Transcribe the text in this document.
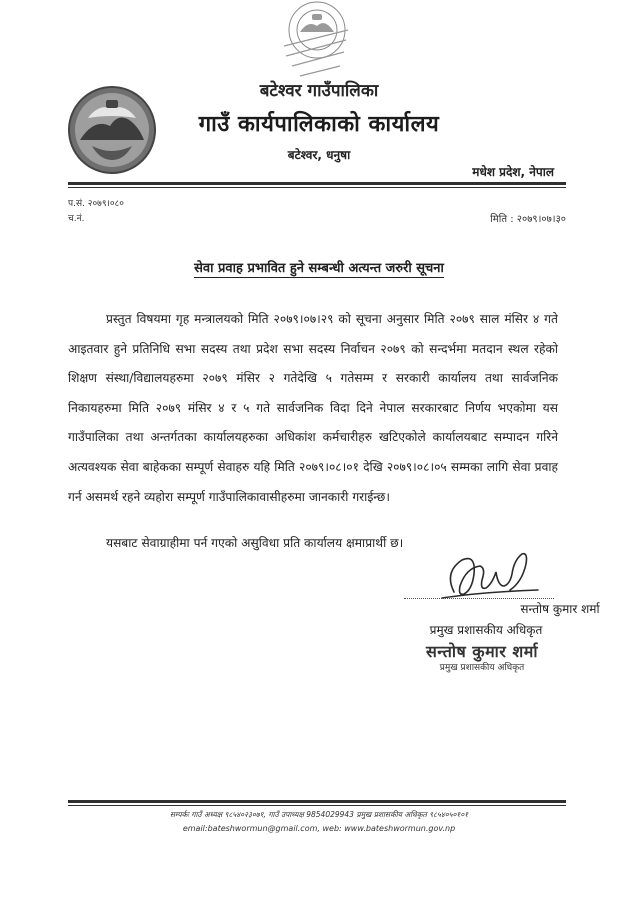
बटेश्वर गाउँपालिका
गाउँ कार्यपालिकाको कार्यालय
बटेश्वर, धनुषा
मधेश प्रदेश, नेपाल
प.सं. २०७९।०८०
च.नं.	मिति : २०७९।०७।३०
सेवा प्रवाह प्रभावित हुने सम्बन्धी अत्यन्त जरुरी सूचना

प्रस्तुत विषयमा गृह मन्त्रालयको मिति २०७९।०७।२९ को सूचना अनुसार मिति २०७९ साल मंसिर ४ गते आइतवार हुने प्रतिनिधि सभा सदस्य तथा प्रदेश सभा सदस्य निर्वाचन २०७९ को सन्दर्भमा मतदान स्थल रहेको शिक्षण संस्था/विद्यालयहरुमा २०७९ मंसिर २ गतेदेखि ५ गतेसम्म र सरकारी कार्यालय तथा सार्वजनिक निकायहरुमा मिति २०७९ मंसिर ४ र ५ गते सार्वजनिक विदा दिने नेपाल सरकारबाट निर्णय भएकोमा यस गाउँपालिका तथा अन्तर्गतका कार्यालयहरुका अधिकांश कर्मचारीहरु खटिएकोले कार्यालयबाट सम्पादन गरिने अत्यवश्यक सेवा बाहेकका सम्पूर्ण सेवाहरु यहि मिति २०७९।०८।०१ देखि २०७९।०८।०५ सम्मका लागि सेवा प्रवाह गर्न असमर्थ रहने व्यहोरा सम्पूर्ण गाउँपालिकावासीहरुमा जानकारी गराईन्छ।

यसबाट सेवाग्राहीमा पर्न गएको असुविधा प्रति कार्यालय क्षमाप्रार्थी छ।
सन्तोष कुमार शर्मा
प्रमुख प्रशासकीय अधिकृत
सन्तोष कुमार शर्मा
प्रमुख प्रशासकीय अधिकृत
सम्पर्कः गाउँ अध्यक्ष ९८५४०२३०७१, गाउँ उपाध्यक्ष 9854029943 प्रमुख प्रशासकीय अधिकृत ९८५४०५०१०१
email:bateshwormun@gmail.com, web: www.bateshwormun.gov.np
